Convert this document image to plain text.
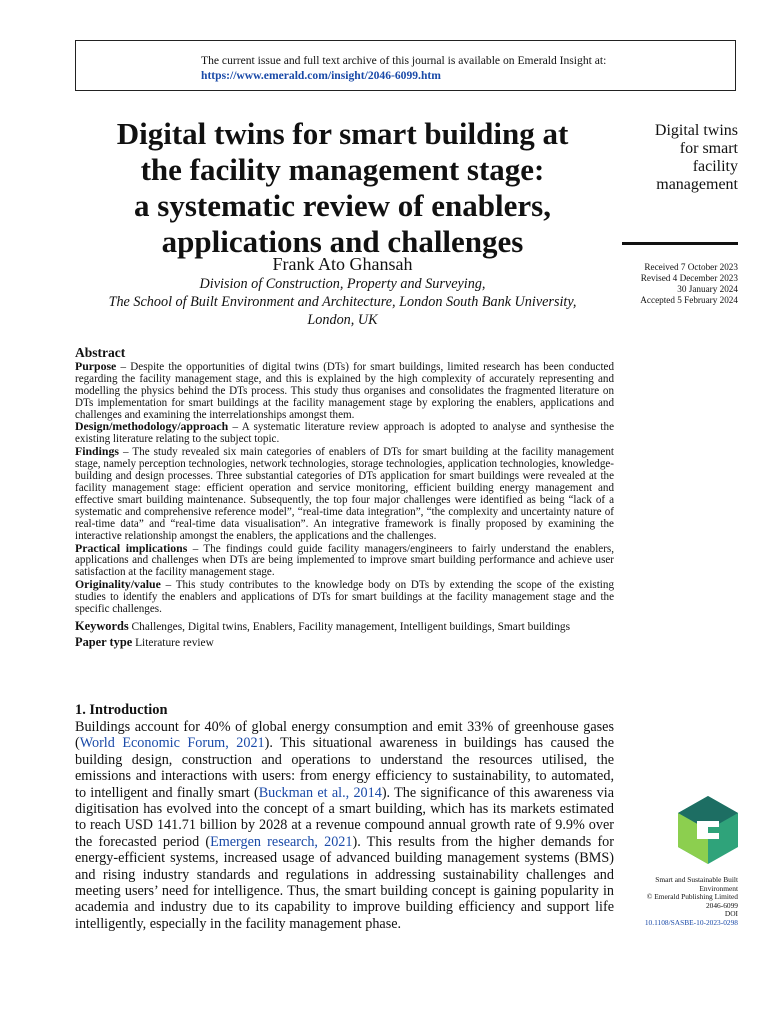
The current issue and full text archive of this journal is available on Emerald Insight at:
https://www.emerald.com/insight/2046-6099.htm
Digital twins for smart building at
the facility management stage:
a systematic review of enablers,
applications and challenges
Frank Ato Ghansah
Division of Construction, Property and Surveying,
The School of Built Environment and Architecture, London South Bank University,
London, UK
Digital twins
for smart
facility
management
Received 7 October 2023
Revised 4 December 2023
30 January 2024
Accepted 5 February 2024
Abstract

Purpose – Despite the opportunities of digital twins (DTs) for smart buildings, limited research has been conducted regarding the facility management stage, and this is explained by the high complexity of accurately representing and modelling the physics behind the DTs process. This study thus organises and consolidates the fragmented literature on DTs implementation for smart buildings at the facility management stage by exploring the enablers, applications and challenges and examining the interrelationships amongst them.

Design/methodology/approach – A systematic literature review approach is adopted to analyse and synthesise the existing literature relating to the subject topic.

Findings – The study revealed six main categories of enablers of DTs for smart building at the facility management stage, namely perception technologies, network technologies, storage technologies, application technologies, knowledge-building and design processes. Three substantial categories of DTs application for smart buildings were revealed at the facility management stage: efficient operation and service monitoring, efficient building energy management and effective smart building maintenance. Subsequently, the top four major challenges were identified as being “lack of a systematic and comprehensive reference model”, “real-time data integration”, “the complexity and uncertainty nature of real-time data” and “real-time data visualisation”. An integrative framework is finally proposed by examining the interactive relationship amongst the enablers, the applications and the challenges.

Practical implications – The findings could guide facility managers/engineers to fairly understand the enablers, applications and challenges when DTs are being implemented to improve smart building performance and achieve user satisfaction at the facility management stage.

Originality/value – This study contributes to the knowledge body on DTs by extending the scope of the existing studies to identify the enablers and applications of DTs for smart buildings at the facility management stage and the specific challenges.

Keywords Challenges, Digital twins, Enablers, Facility management, Intelligent buildings, Smart buildings

Paper type Literature review

1. Introduction

Buildings account for 40% of global energy consumption and emit 33% of greenhouse gases (World Economic Forum, 2021). This situational awareness in buildings has caused the building design, construction and operations to understand the resources utilised, the emissions and interactions with users: from energy efficiency to sustainability, to automated, to intelligent and finally smart (Buckman et al., 2014). The significance of this awareness via digitisation has evolved into the concept of a smart building, which has its markets estimated to reach USD 141.71 billion by 2028 at a revenue compound annual growth rate of 9.9% over the forecasted period (Emergen research, 2021). This results from the higher demands for energy-efficient systems, increased usage of advanced building management systems (BMS) and rising industry standards and regulations in addressing sustainability challenges and meeting users’ need for intelligence. Thus, the smart building concept is gaining popularity in academia and industry due to its capability to improve building efficiency and support life intelligently, especially in the facility management phase.

Smart and Sustainable Built
Environment
© Emerald Publishing Limited
2046-6099
DOI
10.1108/SASBE-10-2023-0298
